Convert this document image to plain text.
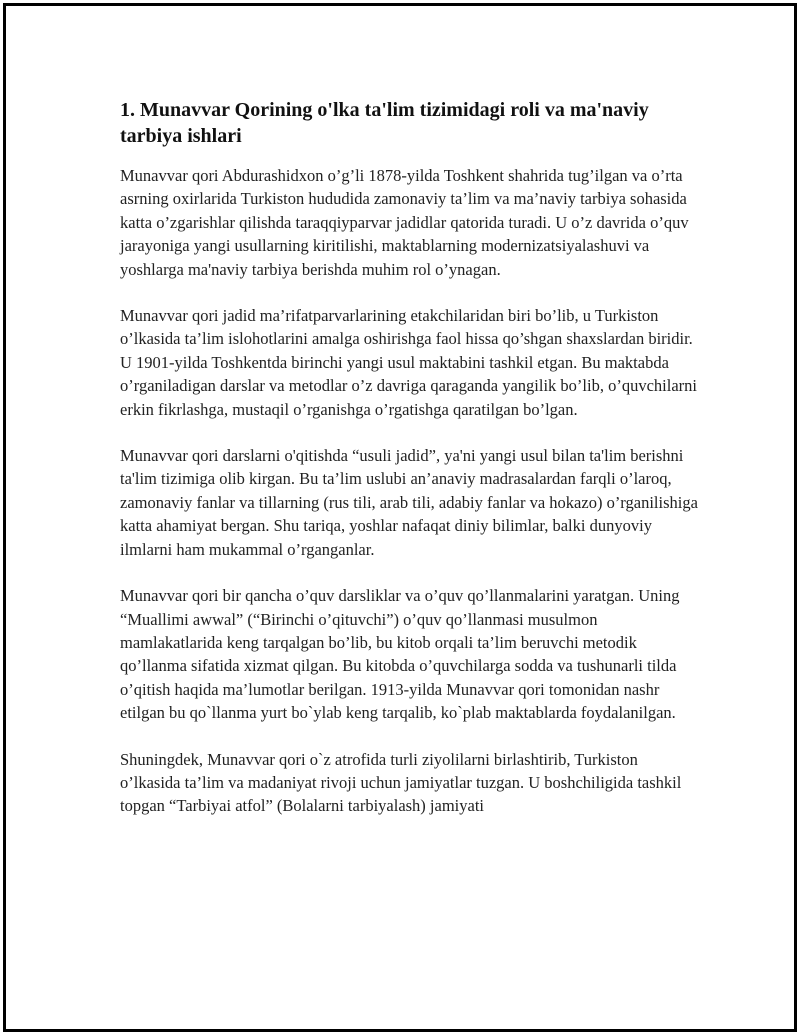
1. Munavvar Qorining o'lka ta'lim tizimidagi roli va ma'naviy tarbiya ishlari

Munavvar qori Abdurashidxon o’g’li 1878-yilda Toshkent shahrida tug’ilgan va o’rta asrning oxirlarida Turkiston hududida zamonaviy ta’lim va ma’naviy tarbiya sohasida katta o’zgarishlar qilishda taraqqiyparvar jadidlar qatorida turadi. U o’z davrida o’quv jarayoniga yangi usullarning kiritilishi, maktablarning modernizatsiyalashuvi va yoshlarga ma'naviy tarbiya berishda muhim rol o’ynagan.

Munavvar qori jadid ma’rifatparvarlarining etakchilaridan biri bo’lib, u Turkiston o’lkasida ta’lim islohotlarini amalga oshirishga faol hissa qo’shgan shaxslardan biridir. U 1901-yilda Toshkentda birinchi yangi usul maktabini tashkil etgan. Bu maktabda o’rganiladigan darslar va metodlar o’z davriga qaraganda yangilik bo’lib, o’quvchilarni erkin fikrlashga, mustaqil o’rganishga o’rgatishga qaratilgan bo’lgan.

Munavvar qori darslarni o'qitishda “usuli jadid”, ya'ni yangi usul bilan ta'lim berishni ta'lim tizimiga olib kirgan. Bu ta’lim uslubi an’anaviy madrasalardan farqli o’laroq, zamonaviy fanlar va tillarning (rus tili, arab tili, adabiy fanlar va hokazo) o’rganilishiga katta ahamiyat bergan. Shu tariqa, yoshlar nafaqat diniy bilimlar, balki dunyoviy ilmlarni ham mukammal o’rganganlar.

Munavvar qori bir qancha o’quv darsliklar va o’quv qo’llanmalarini yaratgan. Uning “Muallimi awwal” (“Birinchi o’qituvchi”) o’quv qo’llanmasi musulmon mamlakatlarida keng tarqalgan bo’lib, bu kitob orqali ta’lim beruvchi metodik qo’llanma sifatida xizmat qilgan. Bu kitobda o’quvchilarga sodda va tushunarli tilda o’qitish haqida ma’lumotlar berilgan. 1913-yilda Munavvar qori tomonidan nashr etilgan bu qo`llanma yurt bo`ylab keng tarqalib, ko`plab maktablarda foydalanilgan.

Shuningdek, Munavvar qori o`z atrofida turli ziyolilarni birlashtirib, Turkiston o’lkasida ta’lim va madaniyat rivoji uchun jamiyatlar tuzgan. U boshchiligida tashkil topgan “Tarbiyai atfol” (Bolalarni tarbiyalash) jamiyati
